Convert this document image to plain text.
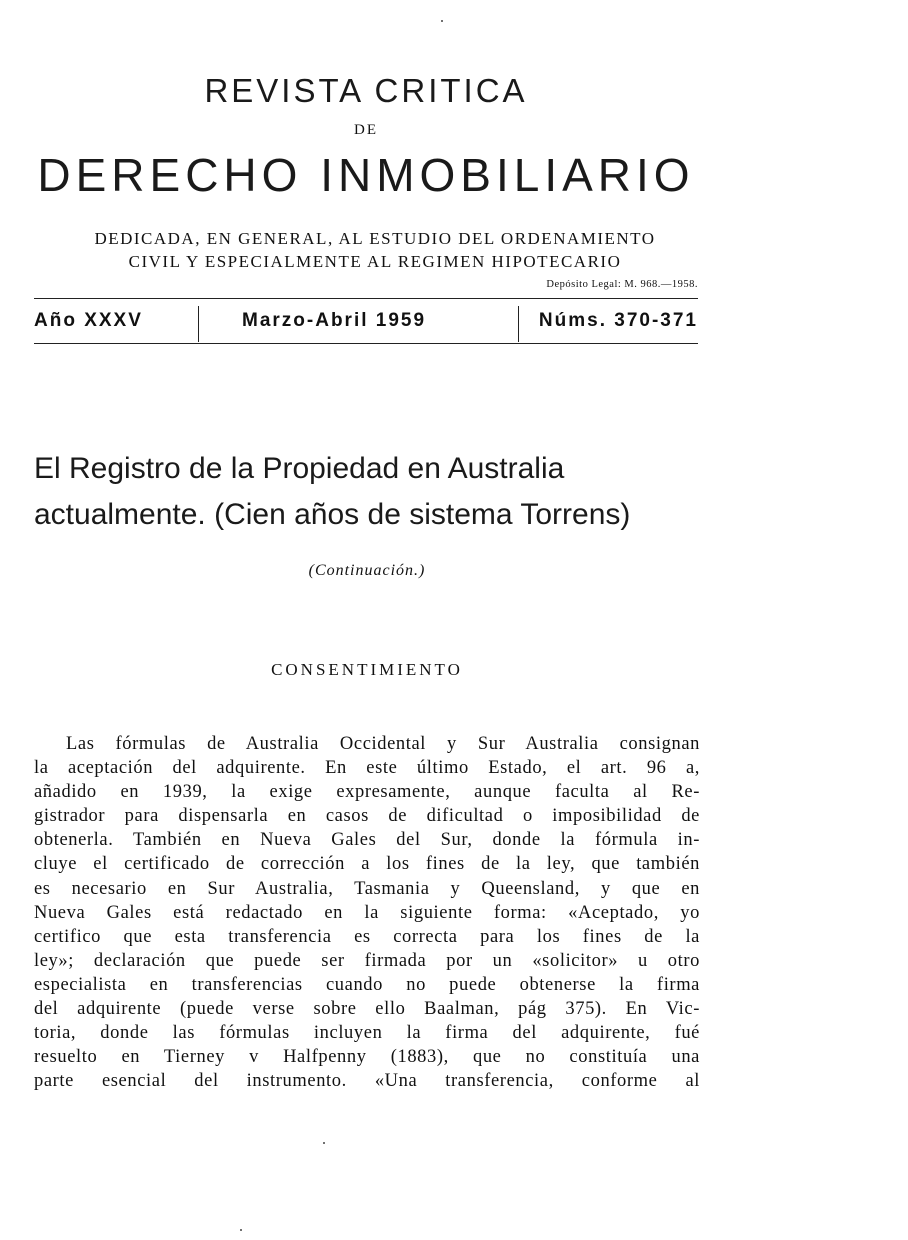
REVISTA CRITICA
DE
DERECHO INMOBILIARIO
DEDICADA, EN GENERAL, AL ESTUDIO DEL ORDENAMIENTO
CIVIL Y ESPECIALMENTE AL REGIMEN HIPOTECARIO
Depósito Legal: M. 968.—1958.
Año XXXV	Marzo-Abril 1959	Núms. 370-371
El Registro de la Propiedad en Australia
actualmente. (Cien años de sistema Torrens)
(Continuación.)
CONSENTIMIENTO
Las fórmulas de Australia Occidental y Sur Australia consignan
la aceptación del adquirente. En este último Estado, el art. 96 a,
añadido en 1939, la exige expresamente, aunque faculta al Re-
gistrador para dispensarla en casos de dificultad o imposibilidad de
obtenerla. También en Nueva Gales del Sur, donde la fórmula in-
cluye el certificado de corrección a los fines de la ley, que también
es necesario en Sur Australia, Tasmania y Queensland, y que en
Nueva Gales está redactado en la siguiente forma: «Aceptado, yo
certifico que esta transferencia es correcta para los fines de la
ley»; declaración que puede ser firmada por un «solicitor» u otro
especialista en transferencias cuando no puede obtenerse la firma
del adquirente (puede verse sobre ello Baalman, pág 375). En Vic-
toria, donde las fórmulas incluyen la firma del adquirente, fué
resuelto en Tierney v Halfpenny (1883), que no constituía una
parte esencial del instrumento. «Una transferencia, conforme al
